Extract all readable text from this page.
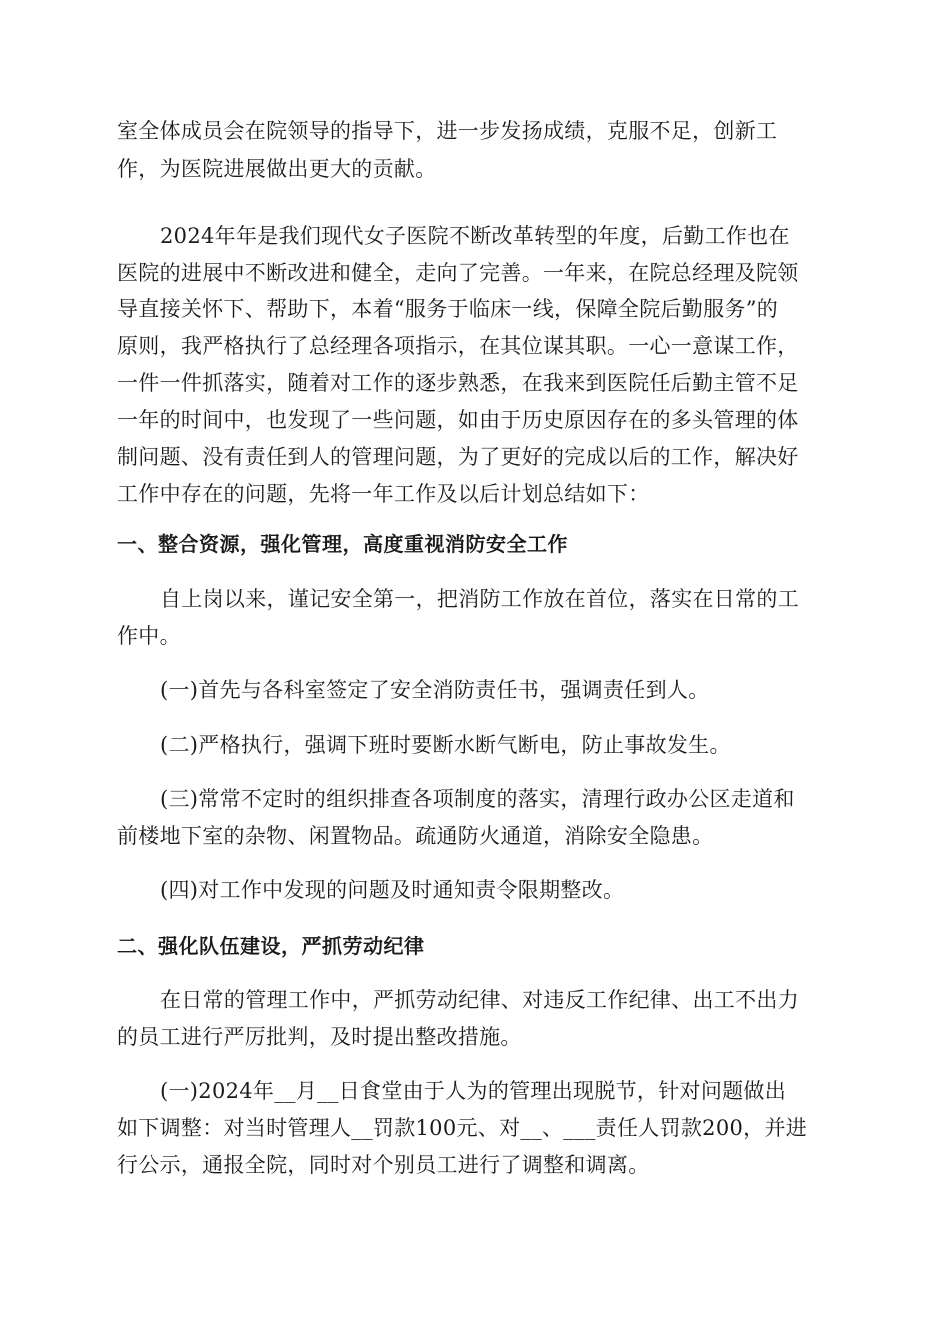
室全体成员会在院领导的指导下，进一步发扬成绩，克服不足，创新工
作，为医院进展做出更大的贡献。
2024年年是我们现代女子医院不断改革转型的年度，后勤工作也在
医院的进展中不断改进和健全，走向了完善。一年来，在院总经理及院领
导直接关怀下、帮助下，本着“服务于临床一线，保障全院后勤服务”的
原则，我严格执行了总经理各项指示，在其位谋其职。一心一意谋工作，
一件一件抓落实，随着对工作的逐步熟悉，在我来到医院任后勤主管不足
一年的时间中，也发现了一些问题，如由于历史原因存在的多头管理的体
制问题、没有责任到人的管理问题，为了更好的完成以后的工作，解决好
工作中存在的问题，先将一年工作及以后计划总结如下：
一、整合资源，强化管理，高度重视消防安全工作
自上岗以来，谨记安全第一，把消防工作放在首位，落实在日常的工
作中。
(一)首先与各科室签定了安全消防责任书，强调责任到人。
(二)严格执行，强调下班时要断水断气断电，防止事故发生。
(三)常常不定时的组织排查各项制度的落实，清理行政办公区走道和
前楼地下室的杂物、闲置物品。疏通防火通道，消除安全隐患。
(四)对工作中发现的问题及时通知责令限期整改。
二、强化队伍建设，严抓劳动纪律
在日常的管理工作中，严抓劳动纪律、对违反工作纪律、出工不出力
的员工进行严厉批判，及时提出整改措施。
(一)2024年__月__日食堂由于人为的管理出现脱节，针对问题做出
如下调整：对当时管理人__罚款100元、对__、___责任人罚款200，并进
行公示，通报全院，同时对个别员工进行了调整和调离。
